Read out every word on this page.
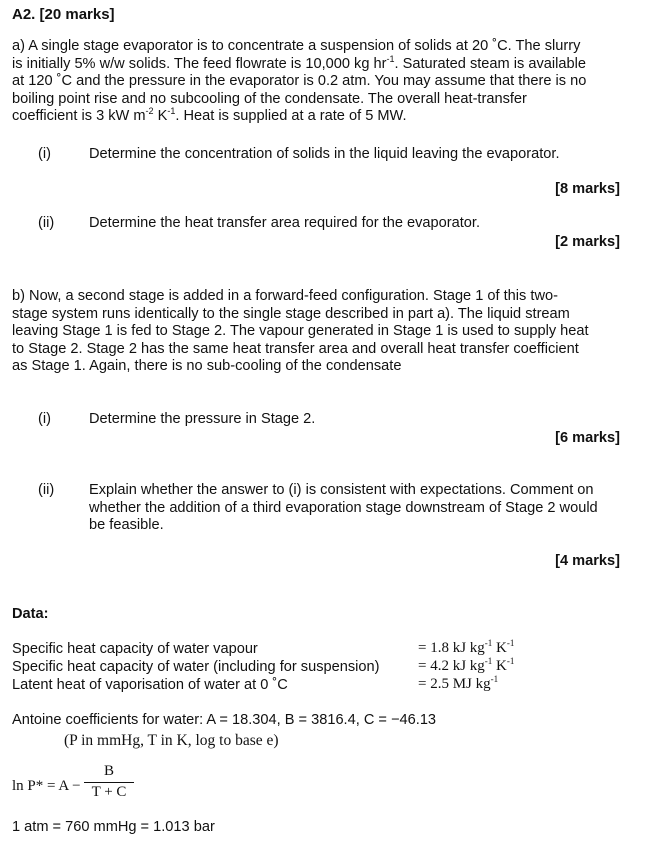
A2. [20 marks]
a) A single stage evaporator is to concentrate a suspension of solids at 20 ˚C. The slurry
is initially 5% w/w solids. The feed flowrate is 10,000 kg $hr^{-1}$. Saturated steam is available
at 120 ˚C and the pressure in the evaporator is 0.2 atm. You may assume that there is no
boiling point rise and no subcooling of the condensate. The overall heat-transfer
coefficient is 3 kW $m^{-2}$ $K^{-1}$. Heat is supplied at a rate of 5 MW.
(i)	Determine the concentration of solids in the liquid leaving the evaporator.
[8 marks]
(ii) Determine the heat transfer area required for the evaporator.
[2 marks]
b) Now, a second stage is added in a forward-feed configuration. Stage 1 of this two-
stage system runs identically to the single stage described in part a). The liquid stream
leaving Stage 1 is fed to Stage 2. The vapour generated in Stage 1 is used to supply heat
to Stage 2. Stage 2 has the same heat transfer area and overall heat transfer coefficient
as Stage 1. Again, there is no sub-cooling of the condensate
(i)	Determine the pressure in Stage 2.
[6 marks]
(ii) Explain whether the answer to (i) is consistent with expectations. Comment on
whether the addition of a third evaporation stage downstream of Stage 2 would
be feasible.
[4 marks]
Data:
Specific heat capacity of water vapour	= 1.8 kJ $kg^{-1}$ $K^{-1}$
Specific heat capacity of water (including for suspension)	= 4.2 kJ $kg^{-1}$ $K^{-1}$
Latent heat of vaporisation of water at 0 ˚C	= 2.5 MJ $kg^{-1}$
Antoine coefficients for water: A = 18.304, B = 3816.4, C = −46.13
(P in mmHg, T in K, log to base e)
ln P* = A −
B
T + C
1 atm = 760 mmHg = 1.013 bar
